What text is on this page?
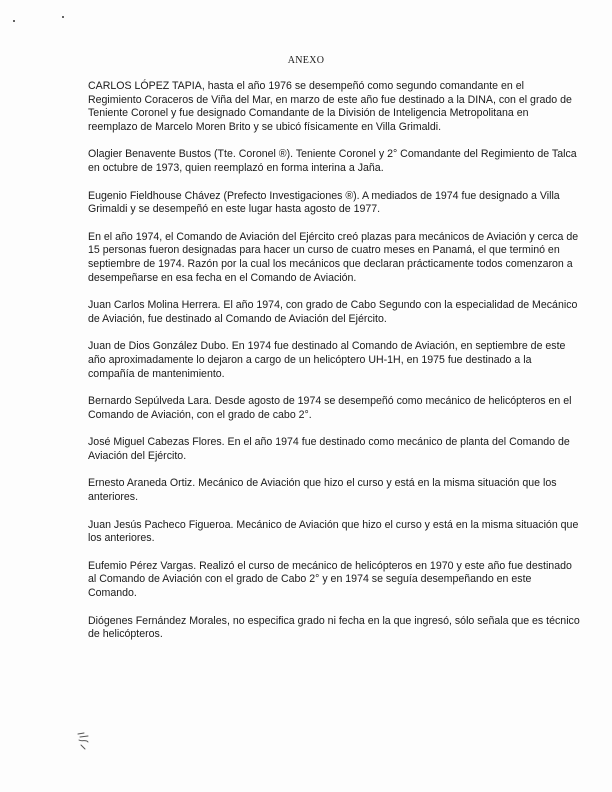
ANEXO

CARLOS LÓPEZ TAPIA, hasta el año 1976 se desempeñó como segundo comandante en el Regimiento Coraceros de Viña del Mar, en marzo de este año fue destinado a la DINA, con el grado de Teniente Coronel y fue designado Comandante de la División de Inteligencia Metropolitana en reemplazo de Marcelo Moren Brito y se ubicó físicamente en Villa Grimaldi.

Olagier Benavente Bustos (Tte. Coronel ®). Teniente Coronel y 2° Comandante del Regimiento de Talca en octubre de 1973, quien reemplazó en forma interina a Jaña.

Eugenio Fieldhouse Chávez (Prefecto Investigaciones ®). A mediados de 1974 fue designado a Villa Grimaldi y se desempeñó en este lugar hasta agosto de 1977.

En el año 1974, el Comando de Aviación del Ejército creó plazas para mecánicos de Aviación y cerca de 15 personas fueron designadas para hacer un curso de cuatro meses en Panamá, el que terminó en septiembre de 1974. Razón por la cual los mecánicos que declaran prácticamente todos comenzaron a desempeñarse en esa fecha en el Comando de Aviación.

Juan Carlos Molina Herrera. El año 1974, con grado de Cabo Segundo con la especialidad de Mecánico de Aviación, fue destinado al Comando de Aviación del Ejército.

Juan de Dios González Dubo. En 1974 fue destinado al Comando de Aviación, en septiembre de este año aproximadamente lo dejaron a cargo de un helicóptero UH-1H, en 1975 fue destinado a la compañía de mantenimiento.

Bernardo Sepúlveda Lara. Desde agosto de 1974 se desempeñó como mecánico de helicópteros en el Comando de Aviación, con el grado de cabo 2°.

José Miguel Cabezas Flores. En el año 1974 fue destinado como mecánico de planta del Comando de Aviación del Ejército.

Ernesto Araneda Ortiz. Mecánico de Aviación que hizo el curso y está en la misma situación que los anteriores.

Juan Jesús Pacheco Figueroa. Mecánico de Aviación que hizo el curso y está en la misma situación que los anteriores.

Eufemio Pérez Vargas. Realizó el curso de mecánico de helicópteros en 1970 y este año fue destinado al Comando de Aviación con el grado de Cabo 2° y en 1974 se seguía desempeñando en este Comando.

Diógenes Fernández Morales, no especifica grado ni fecha en la que ingresó, sólo señala que es técnico de helicópteros.
